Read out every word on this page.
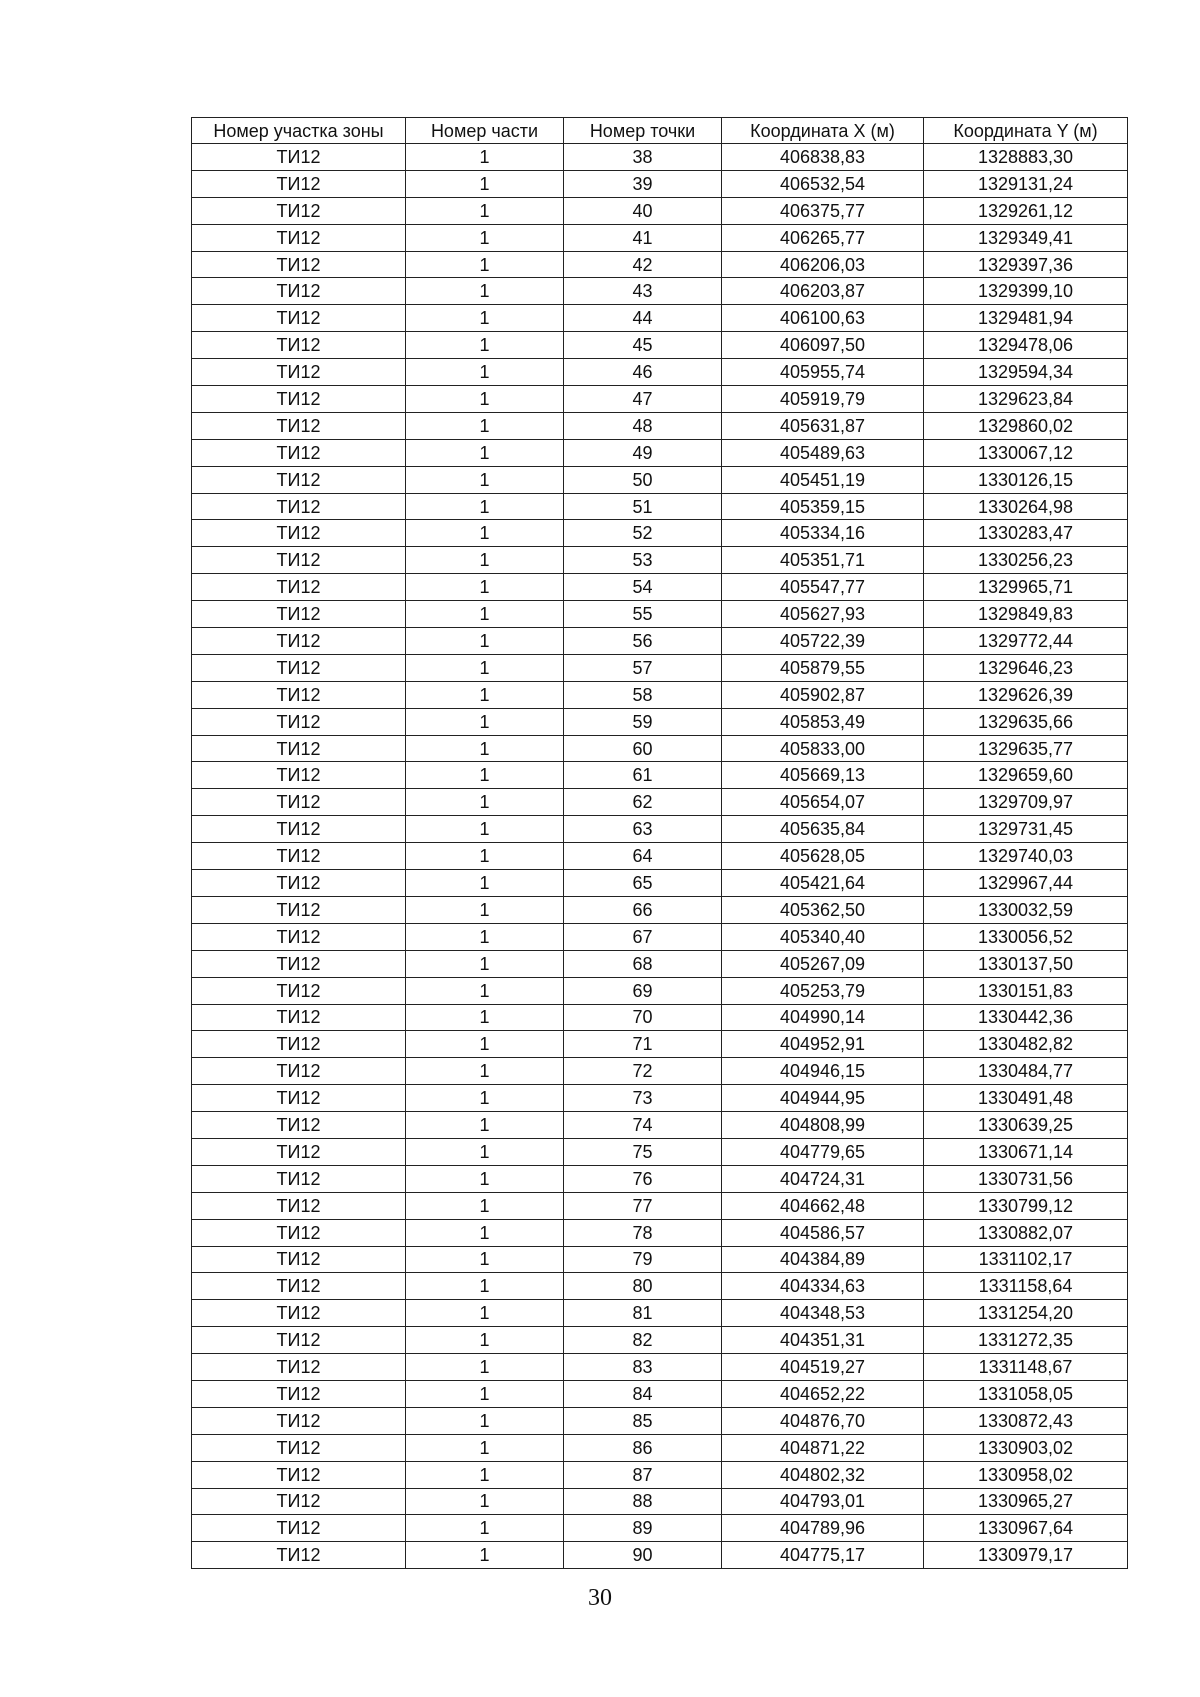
Номер участка зоны	Номер части	Номер точки	Координата X (м)	Координата Y (м)
ТИ12	1	38	406838,83	1328883,30
ТИ12	1	39	406532,54	1329131,24
ТИ12	1	40	406375,77	1329261,12
ТИ12	1	41	406265,77	1329349,41
ТИ12	1	42	406206,03	1329397,36
ТИ12	1	43	406203,87	1329399,10
ТИ12	1	44	406100,63	1329481,94
ТИ12	1	45	406097,50	1329478,06
ТИ12	1	46	405955,74	1329594,34
ТИ12	1	47	405919,79	1329623,84
ТИ12	1	48	405631,87	1329860,02
ТИ12	1	49	405489,63	1330067,12
ТИ12	1	50	405451,19	1330126,15
ТИ12	1	51	405359,15	1330264,98
ТИ12	1	52	405334,16	1330283,47
ТИ12	1	53	405351,71	1330256,23
ТИ12	1	54	405547,77	1329965,71
ТИ12	1	55	405627,93	1329849,83
ТИ12	1	56	405722,39	1329772,44
ТИ12	1	57	405879,55	1329646,23
ТИ12	1	58	405902,87	1329626,39
ТИ12	1	59	405853,49	1329635,66
ТИ12	1	60	405833,00	1329635,77
ТИ12	1	61	405669,13	1329659,60
ТИ12	1	62	405654,07	1329709,97
ТИ12	1	63	405635,84	1329731,45
ТИ12	1	64	405628,05	1329740,03
ТИ12	1	65	405421,64	1329967,44
ТИ12	1	66	405362,50	1330032,59
ТИ12	1	67	405340,40	1330056,52
ТИ12	1	68	405267,09	1330137,50
ТИ12	1	69	405253,79	1330151,83
ТИ12	1	70	404990,14	1330442,36
ТИ12	1	71	404952,91	1330482,82
ТИ12	1	72	404946,15	1330484,77
ТИ12	1	73	404944,95	1330491,48
ТИ12	1	74	404808,99	1330639,25
ТИ12	1	75	404779,65	1330671,14
ТИ12	1	76	404724,31	1330731,56
ТИ12	1	77	404662,48	1330799,12
ТИ12	1	78	404586,57	1330882,07
ТИ12	1	79	404384,89	1331102,17
ТИ12	1	80	404334,63	1331158,64
ТИ12	1	81	404348,53	1331254,20
ТИ12	1	82	404351,31	1331272,35
ТИ12	1	83	404519,27	1331148,67
ТИ12	1	84	404652,22	1331058,05
ТИ12	1	85	404876,70	1330872,43
ТИ12	1	86	404871,22	1330903,02
ТИ12	1	87	404802,32	1330958,02
ТИ12	1	88	404793,01	1330965,27
ТИ12	1	89	404789,96	1330967,64
ТИ12	1	90	404775,17	1330979,17
30
